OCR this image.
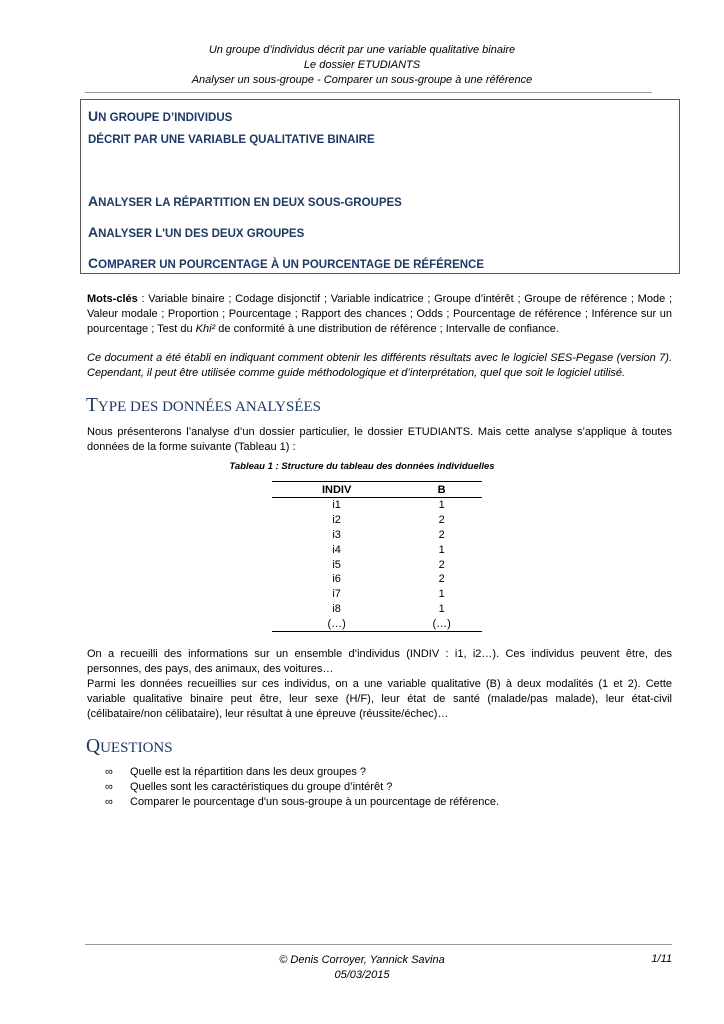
Un groupe d’individus décrit par une variable qualitative binaire
Le dossier ETUDIANTS
Analyser un sous-groupe - Comparer un sous-groupe à une référence
UN GROUPE D’INDIVIDUS
DÉCRIT PAR UNE VARIABLE QUALITATIVE BINAIRE
ANALYSER LA RÉPARTITION EN DEUX SOUS-GROUPES
ANALYSER L'UN DES DEUX GROUPES
COMPARER UN POURCENTAGE À UN POURCENTAGE DE RÉFÉRENCE
Mots-clés : Variable binaire ; Codage disjonctif ; Variable indicatrice ; Groupe d’intérêt ; Groupe de référence ; Mode ; Valeur modale ; Proportion ; Pourcentage ; Rapport des chances ; Odds ; Pourcentage de référence ; Inférence sur un pourcentage ; Test du Khi² de conformité à une distribution de référence ; Intervalle de confiance.
Ce document a été établi en indiquant comment obtenir les différents résultats avec le logiciel SES-Pegase (version 7). Cependant, il peut être utilisée comme guide méthodologique et d’interprétation, quel que soit le logiciel utilisé.
TYPE DES DONNÉES ANALYSÉES
Nous présenterons l’analyse d’un dossier particulier, le dossier ETUDIANTS. Mais cette analyse s’applique à toutes données de la forme suivante (Tableau 1) :
Tableau 1 : Structure du tableau des données individuelles
INDIV	B
i1	1
i2	2
i3	2
i4	1
i5	2
i6	2
i7	1
i8	1
(…)	(…)
On a recueilli des informations sur un ensemble d’individus (INDIV : i1, i2…). Ces individus peuvent être, des personnes, des pays, des animaux, des voitures…
Parmi les données recueillies sur ces individus, on a une variable qualitative (B) à deux modalités (1 et 2). Cette variable qualitative binaire peut être, leur sexe (H/F), leur état de santé (malade/pas malade), leur état-civil (célibataire/non célibataire), leur résultat à une épreuve (réussite/échec)…
QUESTIONS
∞ Quelle est la répartition dans les deux groupes ?
∞ Quelles sont les caractéristiques du groupe d’intérêt ?
∞ Comparer le pourcentage d'un sous-groupe à un pourcentage de référence.
© Denis Corroyer, Yannick Savina
05/03/2015
1/11
